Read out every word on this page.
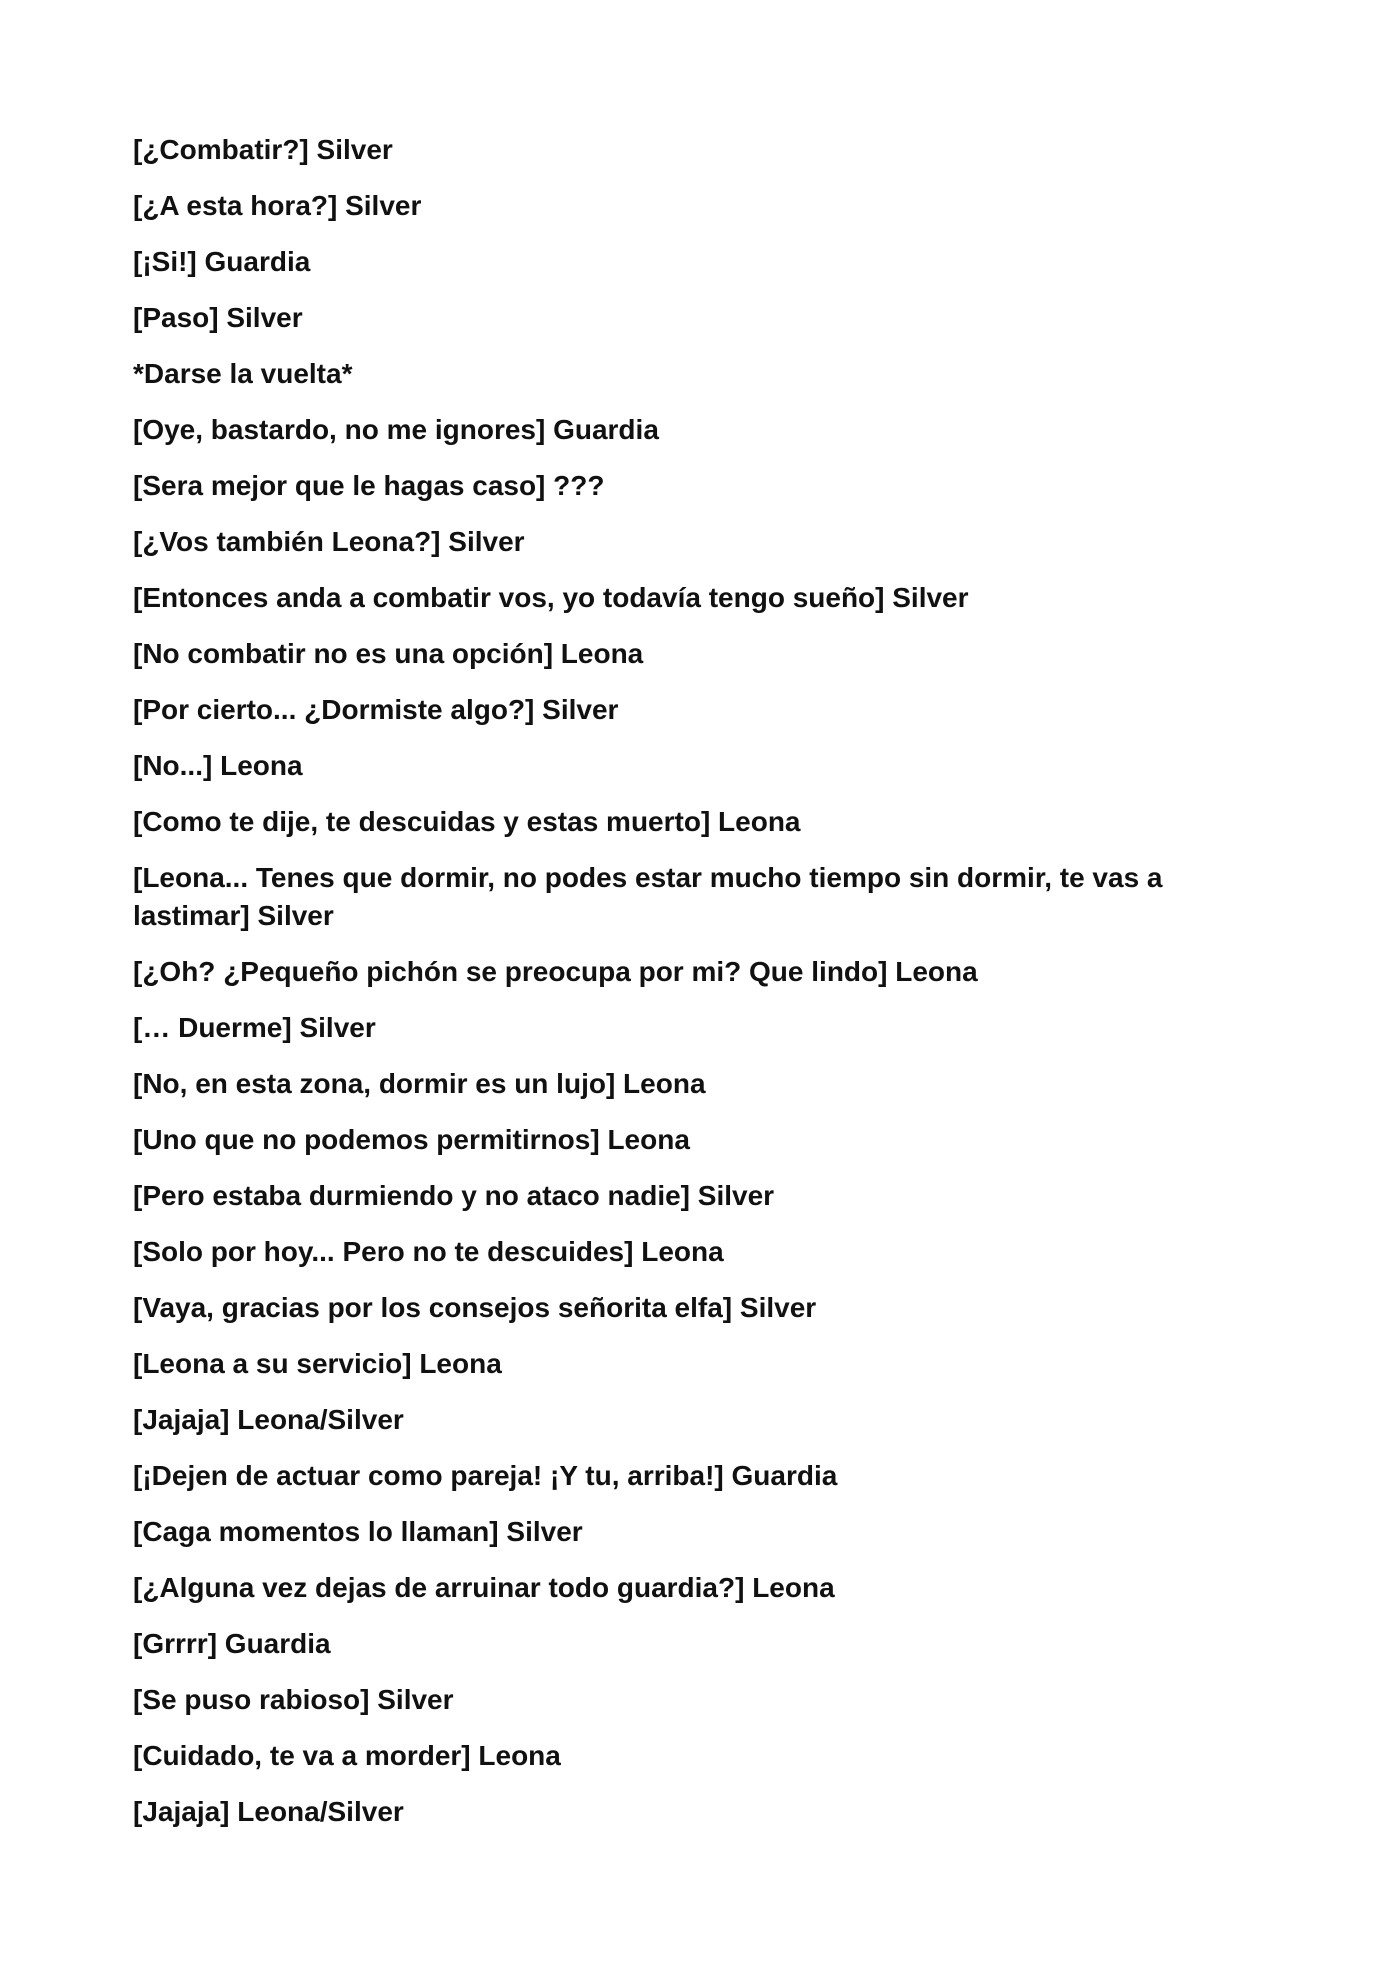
[¿Combatir?] Silver
[¿A esta hora?] Silver
[¡Si!] Guardia
[Paso] Silver
*Darse la vuelta*
[Oye, bastardo, no me ignores] Guardia
[Sera mejor que le hagas caso] ???
[¿Vos también Leona?] Silver
[Entonces anda a combatir vos, yo todavía tengo sueño] Silver
[No combatir no es una opción] Leona
[Por cierto... ¿Dormiste algo?] Silver
[No...] Leona
[Como te dije, te descuidas y estas muerto] Leona
[Leona... Tenes que dormir, no podes estar mucho tiempo sin dormir, te vas a lastimar] Silver
[¿Oh? ¿Pequeño pichón se preocupa por mi? Que lindo] Leona
[… Duerme] Silver
[No, en esta zona, dormir es un lujo] Leona
[Uno que no podemos permitirnos] Leona
[Pero estaba durmiendo y no ataco nadie] Silver
[Solo por hoy... Pero no te descuides] Leona
[Vaya, gracias por los consejos señorita elfa] Silver
[Leona a su servicio] Leona
[Jajaja] Leona/Silver
[¡Dejen de actuar como pareja! ¡Y tu, arriba!] Guardia
[Caga momentos lo llaman] Silver
[¿Alguna vez dejas de arruinar todo guardia?] Leona
[Grrrr] Guardia
[Se puso rabioso] Silver
[Cuidado, te va a morder] Leona
[Jajaja] Leona/Silver
